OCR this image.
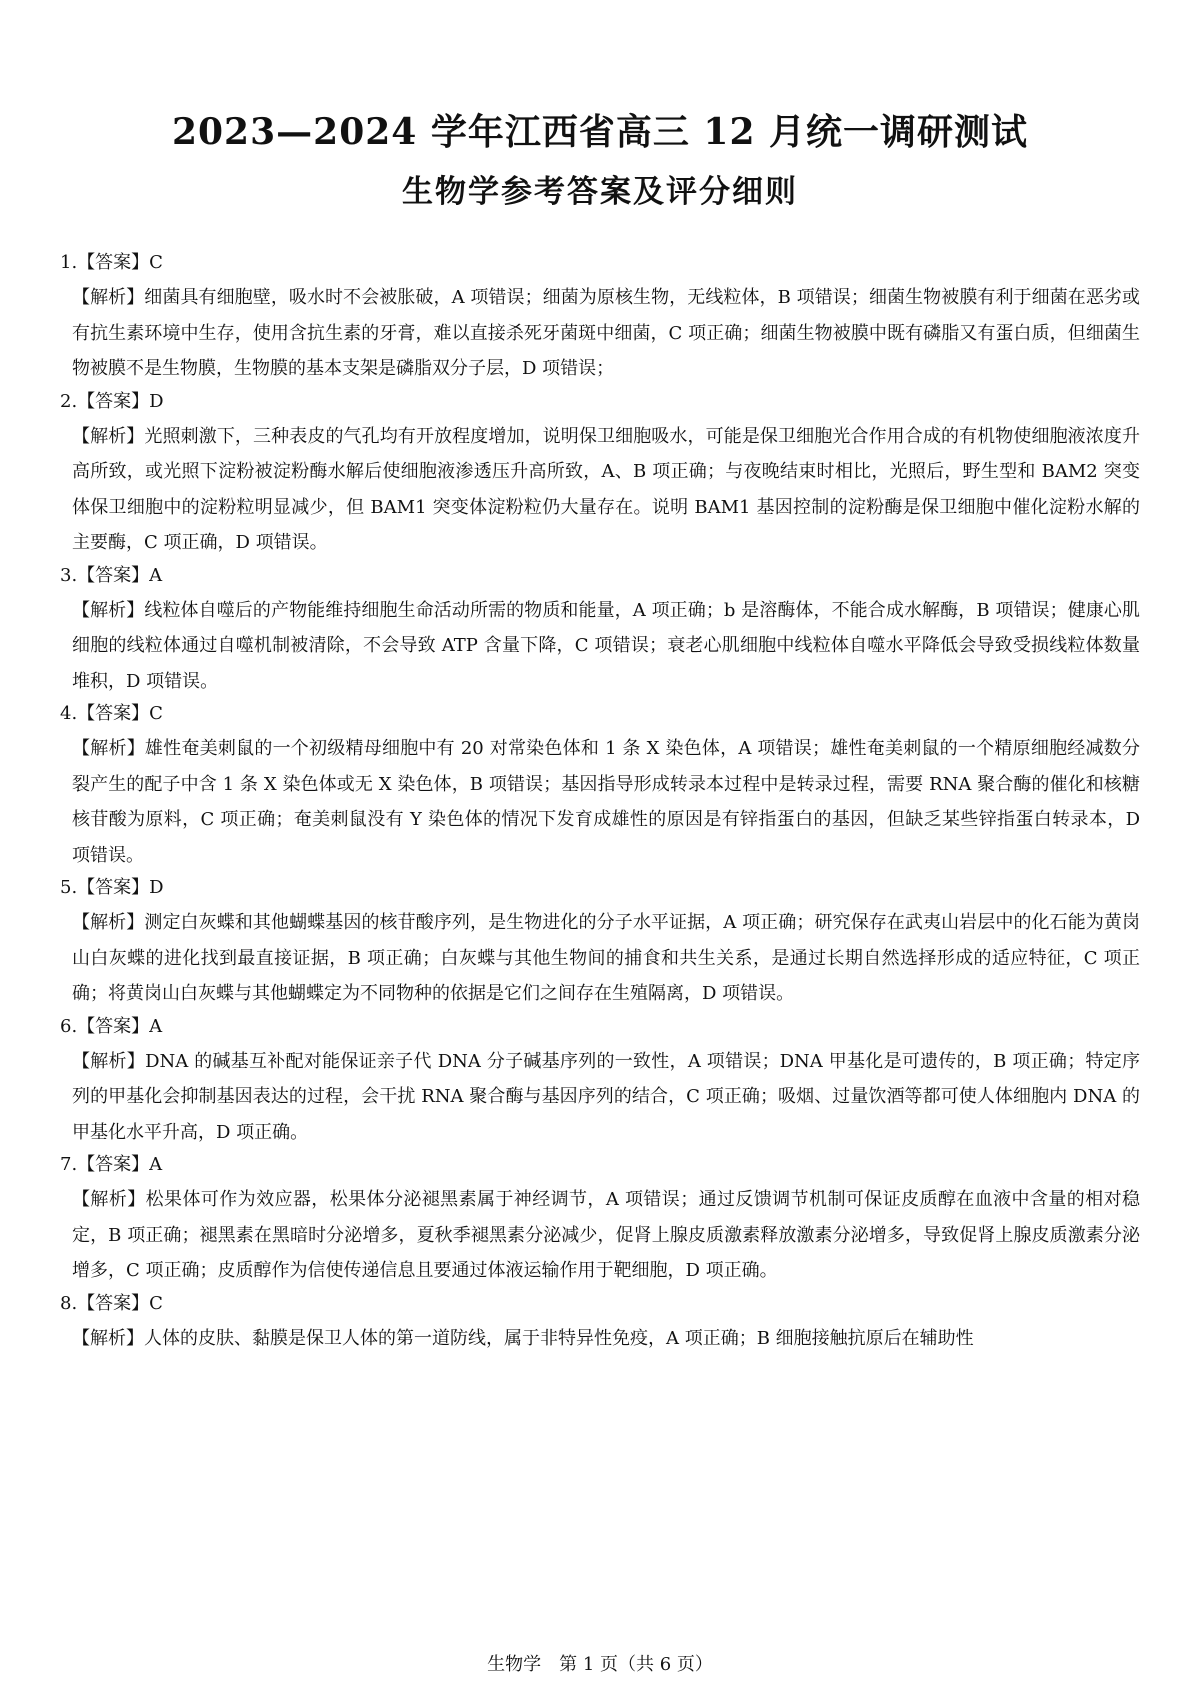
2023—2024 学年江西省高三 12 月统一调研测试
生物学参考答案及评分细则

1.【答案】C

【解析】细菌具有细胞壁，吸水时不会被胀破，A 项错误；细菌为原核生物，无线粒体，B 项错误；细菌生物被膜有利于细菌在恶劣或有抗生素环境中生存，使用含抗生素的牙膏，难以直接杀死牙菌斑中细菌，C 项正确；细菌生物被膜中既有磷脂又有蛋白质，但细菌生物被膜不是生物膜，生物膜的基本支架是磷脂双分子层，D 项错误；

2.【答案】D

【解析】光照刺激下，三种表皮的气孔均有开放程度增加，说明保卫细胞吸水，可能是保卫细胞光合作用合成的有机物使细胞液浓度升高所致，或光照下淀粉被淀粉酶水解后使细胞液渗透压升高所致，A、B 项正确；与夜晚结束时相比，光照后，野生型和 BAM2 突变体保卫细胞中的淀粉粒明显减少，但 BAM1 突变体淀粉粒仍大量存在。说明 BAM1 基因控制的淀粉酶是保卫细胞中催化淀粉水解的主要酶，C 项正确，D 项错误。

3.【答案】A

【解析】线粒体自噬后的产物能维持细胞生命活动所需的物质和能量，A 项正确；b 是溶酶体，不能合成水解酶，B 项错误；健康心肌细胞的线粒体通过自噬机制被清除，不会导致 ATP 含量下降，C 项错误；衰老心肌细胞中线粒体自噬水平降低会导致受损线粒体数量堆积，D 项错误。

4.【答案】C

【解析】雄性奄美刺鼠的一个初级精母细胞中有 20 对常染色体和 1 条 X 染色体，A 项错误；雄性奄美刺鼠的一个精原细胞经减数分裂产生的配子中含 1 条 X 染色体或无 X 染色体，B 项错误；基因指导形成转录本过程中是转录过程，需要 RNA 聚合酶的催化和核糖核苷酸为原料，C 项正确；奄美刺鼠没有 Y 染色体的情况下发育成雄性的原因是有锌指蛋白的基因，但缺乏某些锌指蛋白转录本，D 项错误。

5.【答案】D

【解析】测定白灰蝶和其他蝴蝶基因的核苷酸序列，是生物进化的分子水平证据，A 项正确；研究保存在武夷山岩层中的化石能为黄岗山白灰蝶的进化找到最直接证据，B 项正确；白灰蝶与其他生物间的捕食和共生关系，是通过长期自然选择形成的适应特征，C 项正确；将黄岗山白灰蝶与其他蝴蝶定为不同物种的依据是它们之间存在生殖隔离，D 项错误。

6.【答案】A

【解析】DNA 的碱基互补配对能保证亲子代 DNA 分子碱基序列的一致性，A 项错误；DNA 甲基化是可遗传的，B 项正确；特定序列的甲基化会抑制基因表达的过程，会干扰 RNA 聚合酶与基因序列的结合，C 项正确；吸烟、过量饮酒等都可使人体细胞内 DNA 的甲基化水平升高，D 项正确。

7.【答案】A

【解析】松果体可作为效应器，松果体分泌褪黑素属于神经调节，A 项错误；通过反馈调节机制可保证皮质醇在血液中含量的相对稳定，B 项正确；褪黑素在黑暗时分泌增多，夏秋季褪黑素分泌减少，促肾上腺皮质激素释放激素分泌增多，导致促肾上腺皮质激素分泌增多，C 项正确；皮质醇作为信使传递信息且要通过体液运输作用于靶细胞，D 项正确。

8.【答案】C

【解析】人体的皮肤、黏膜是保卫人体的第一道防线，属于非特异性免疫，A 项正确；B 细胞接触抗原后在辅助性

生物学　第 1 页（共 6 页）
